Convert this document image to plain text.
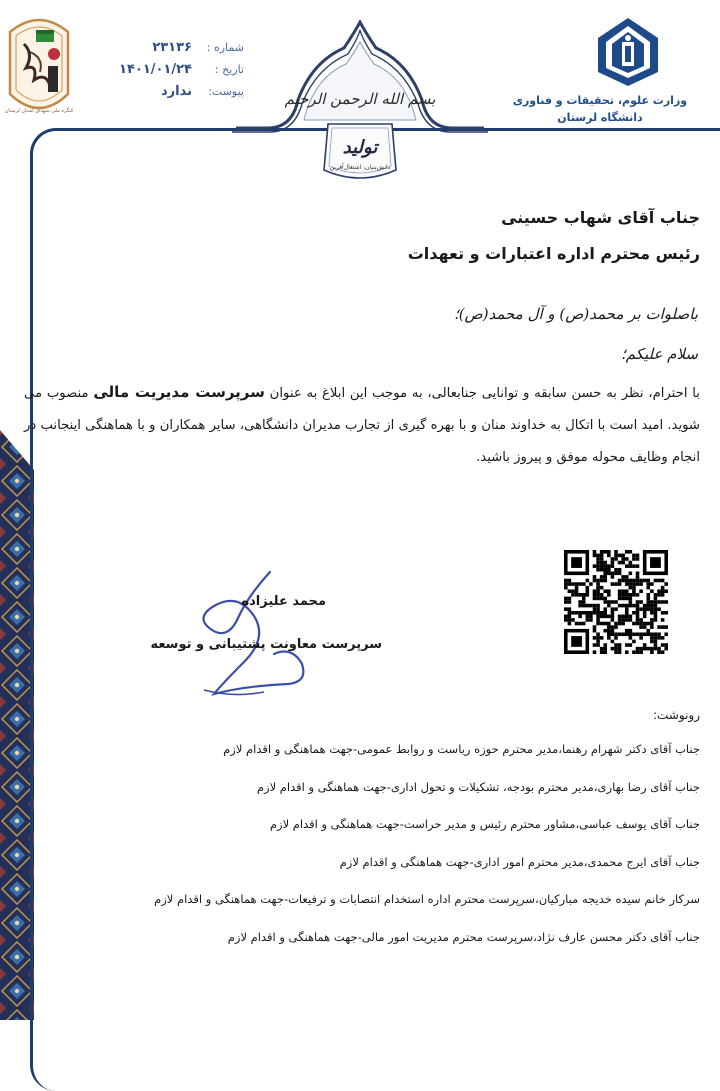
کنگره ملی شهدای استان لرستان
شماره :
۲۳۱۳۶
تاریخ :
۱۴۰۱/۰۱/۲۴
پیوست:
ندارد	بسم الله الرحمن الرحیم
تولید
دانش‌بنیان، اشتغال‌آفرین
وزارت علوم، تحقیقات و فناوری
دانشگاه لرستان
جناب آقای شهاب حسینی
رئیس محترم اداره اعتبارات و تعهدات
باصلوات بر محمد(ص) و آل محمد(ص)؛
سلام علیکم؛
با احترام، نظر به حسن سابقه و توانایی جنابعالی، به موجب این ابلاغ به عنوان سرپرست مدیریت مالی منصوب می شوید. امید است با اتکال به خداوند منان و با بهره گیری از تجارب مدیران دانشگاهی، سایر همکاران و با هماهنگی اینجانب در انجام وظایف محوله موفق و پیروز باشید.
محمد علیزاده
سرپرست معاونت پشتیبانی و توسعه
رونوشت:
جناب آقای دکتر شهرام رهنما،مدیر محترم حوزه ریاست و روابط عمومی-جهت هماهنگی و اقدام لازم
جناب آقای رضا بهاری،مدیر محترم بودجه، تشکیلات و تحول اداری-جهت هماهنگی و اقدام لازم
جناب آقای یوسف عباسی،مشاور محترم رئیس و مدیر حراست-جهت هماهنگی و اقدام لازم
جناب آقای ایرج محمدی،مدیر محترم امور اداری-جهت هماهنگی و اقدام لازم
سرکار خانم سیده خدیجه مبارکیان،سرپرست محترم اداره استخدام انتصابات و ترفیعات-جهت هماهنگی و اقدام لازم
جناب آقای دکتر محسن عارف نژاد،سرپرست محترم مدیریت امور مالی-جهت هماهنگی و اقدام لازم
